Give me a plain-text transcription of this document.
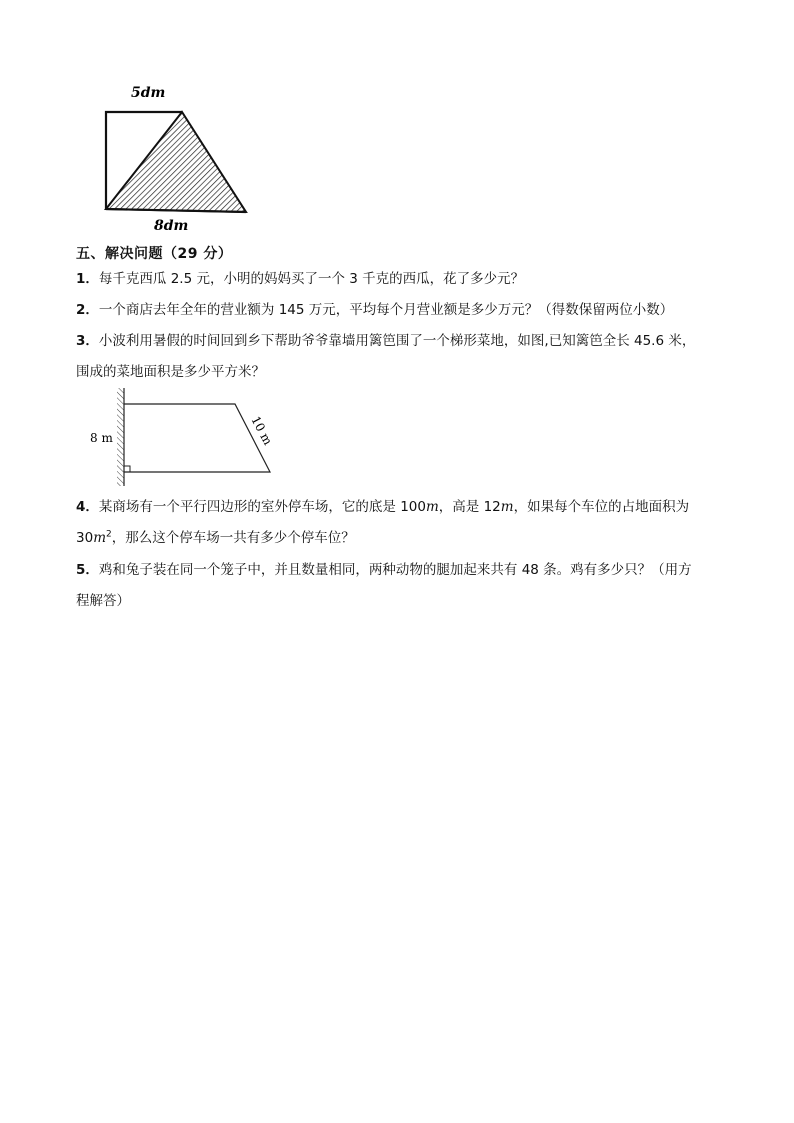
5dm
8dm
五、解决问题（29 分）
1．每千克西瓜 2.5 元，小明的妈妈买了一个 3 千克的西瓜，花了多少元？
2．一个商店去年全年的营业额为 145 万元，平均每个月营业额是多少万元？（得数保留两位小数）
3．小波利用暑假的时间回到乡下帮助爷爷靠墙用篱笆围了一个梯形菜地，如图,已知篱笆全长 45.6 米，
围成的菜地面积是多少平方米？
8 m	10 m
4．某商场有一个平行四边形的室外停车场，它的底是 100m，高是 12m，如果每个车位的占地面积为
$30m^2$，那么这个停车场一共有多少个停车位？
5．鸡和兔子装在同一个笼子中，并且数量相同，两种动物的腿加起来共有 48 条。鸡有多少只？（用方
程解答）
